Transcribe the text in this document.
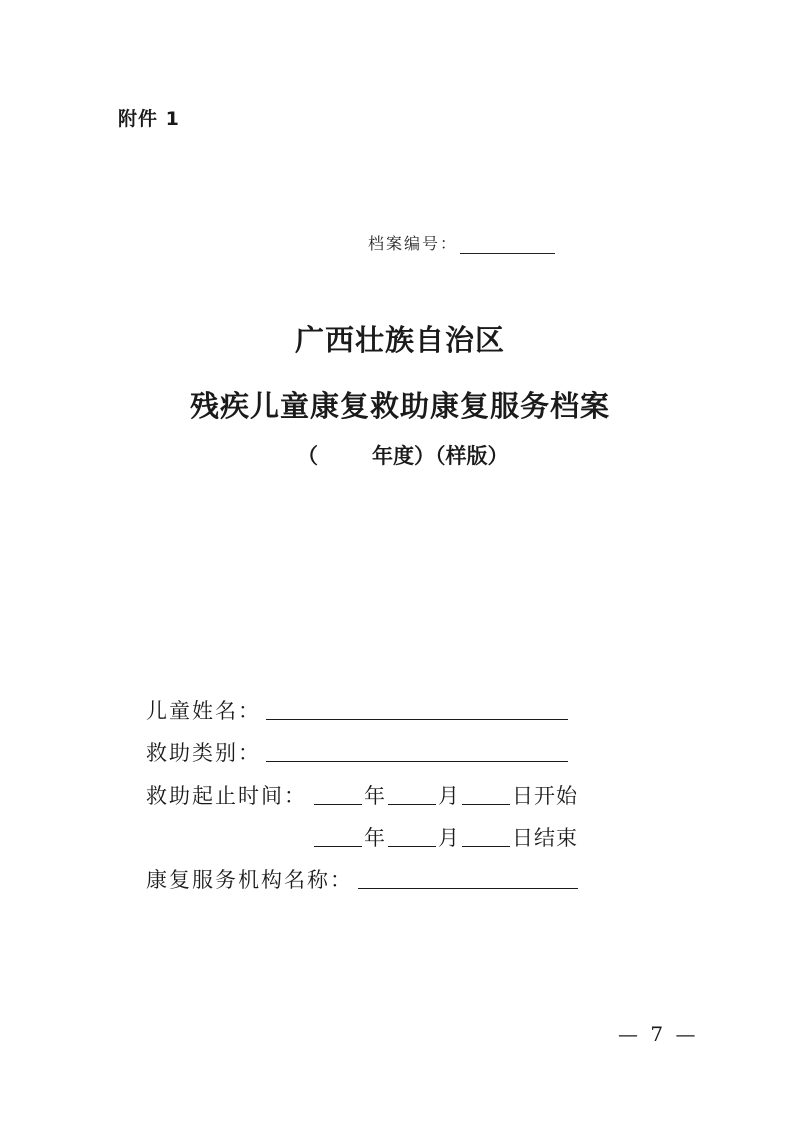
附件 1
档案编号：
广西壮族自治区
残疾儿童康复救助康复服务档案
（	年度）（样版）
儿童姓名：
救助类别：
救助起止时间：	年 月 日开始
年 月 日结束
康复服务机构名称：
— 7 —
